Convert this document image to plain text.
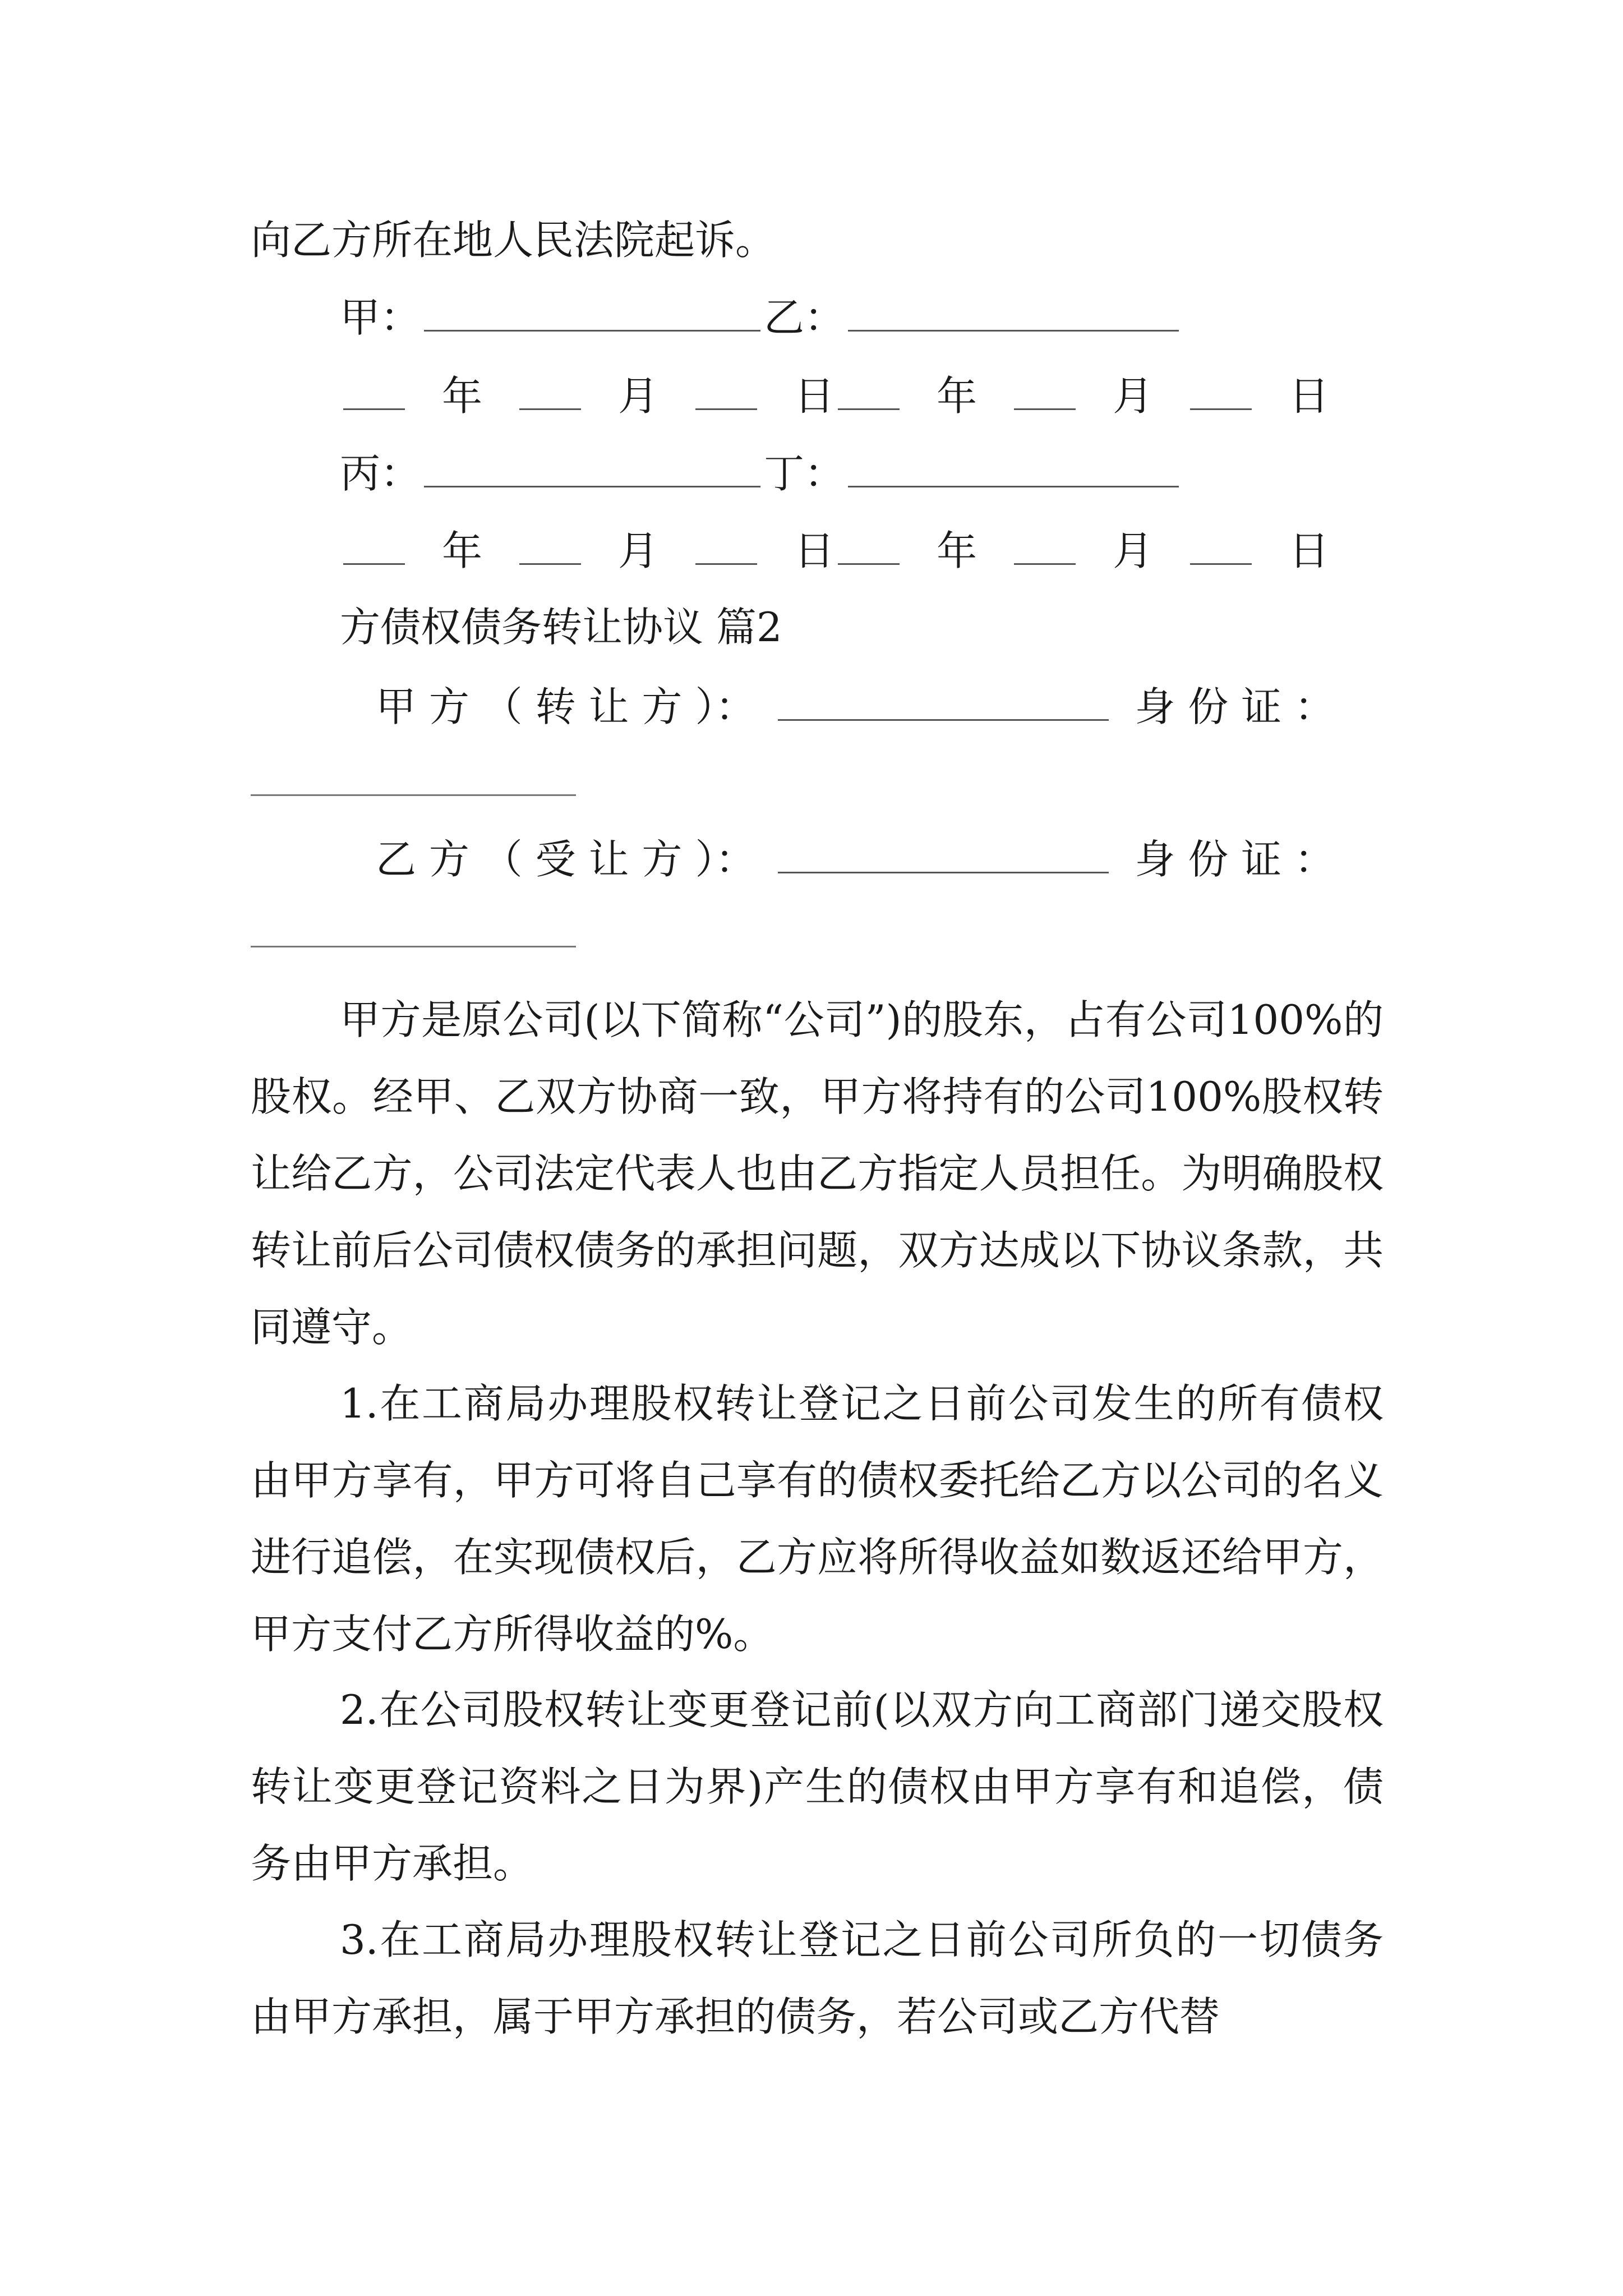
向乙方所在地人民法院起诉。
甲：	乙：
年	月	日	年	月	日
丙：	丁：
年	月	日	年	月	日
方债权债务转让协议 篇2
甲 方 （ 转 让 方 ）：	身 份 证 ：
乙 方 （ 受 让 方 ）：	身 份 证 ：
甲方是原公司(以下简称“公司”)的股东，占有公司100%的股权。经甲、乙双方协商一致，甲方将持有的公司100%股权转让给乙方，公司法定代表人也由乙方指定人员担任。为明确股权转让前后公司债权债务的承担问题，双方达成以下协议条款，共同遵守。
1.在工商局办理股权转让登记之日前公司发生的所有债权由甲方享有，甲方可将自己享有的债权委托给乙方以公司的名义进行追偿，在实现债权后，乙方应将所得收益如数返还给甲方，甲方支付乙方所得收益的%。
2.在公司股权转让变更登记前(以双方向工商部门递交股权转让变更登记资料之日为界)产生的债权由甲方享有和追偿，债务由甲方承担。
3.在工商局办理股权转让登记之日前公司所负的一切债务由甲方承担，属于甲方承担的债务，若公司或乙方代替
